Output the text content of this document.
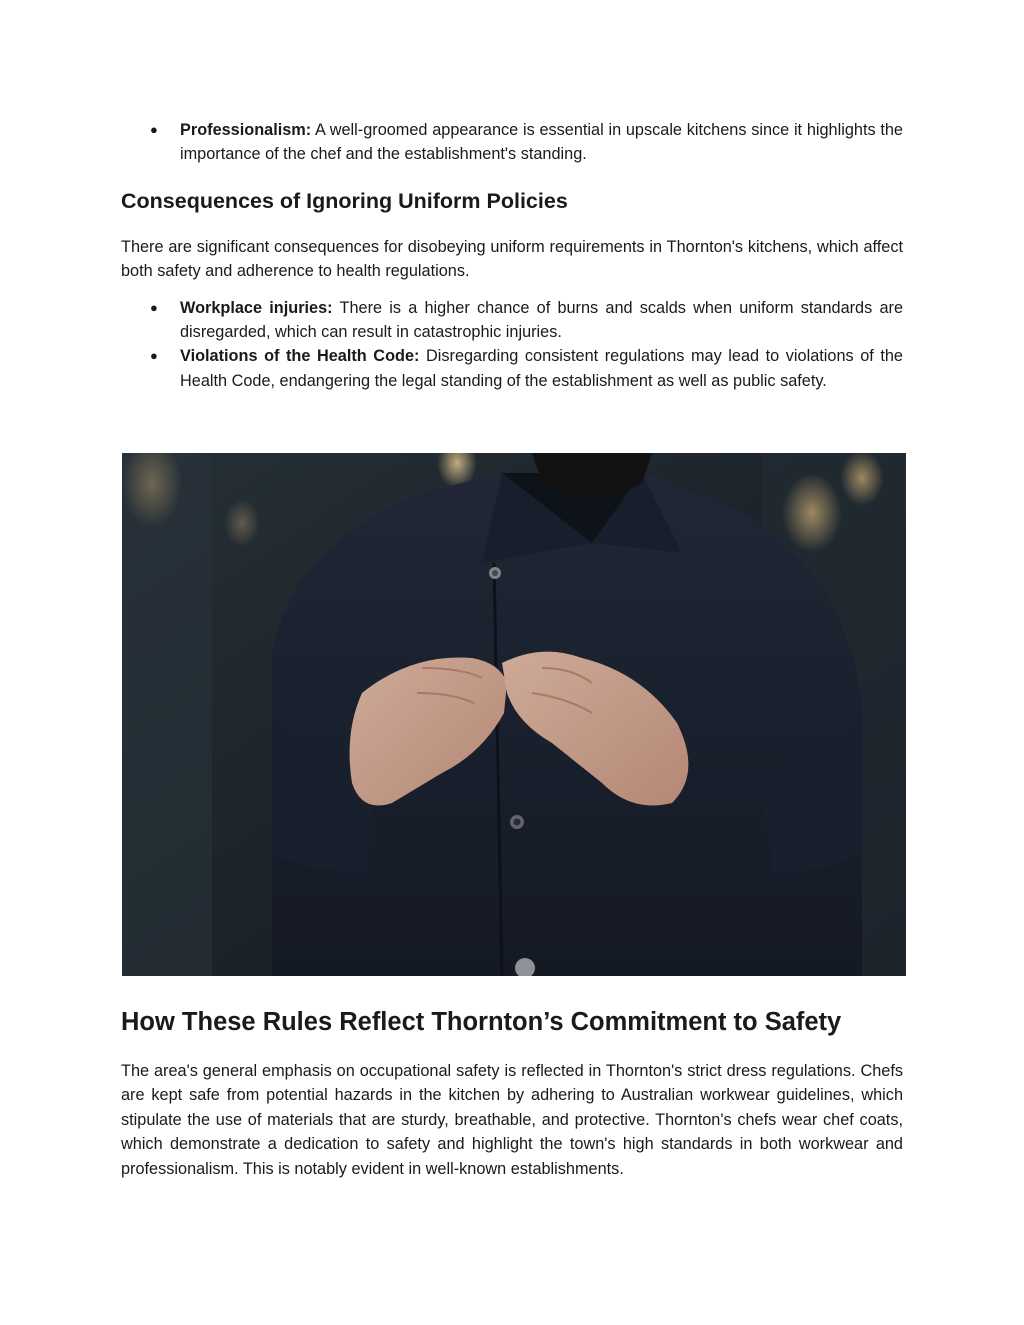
● Professionalism: A well-groomed appearance is essential in upscale kitchens since it highlights the importance of the chef and the establishment's standing.
Consequences of Ignoring Uniform Policies

There are significant consequences for disobeying uniform requirements in Thornton's kitchens, which affect both safety and adherence to health regulations.

● Workplace injuries: There is a higher chance of burns and scalds when uniform standards are disregarded, which can result in catastrophic injuries.
● Violations of the Health Code: Disregarding consistent regulations may lead to violations of the Health Code, endangering the legal standing of the establishment as well as public safety.
How These Rules Reflect Thornton’s Commitment to Safety

The area's general emphasis on occupational safety is reflected in Thornton's strict dress regulations. Chefs are kept safe from potential hazards in the kitchen by adhering to Australian workwear guidelines, which stipulate the use of materials that are sturdy, breathable, and protective. Thornton's chefs wear chef coats, which demonstrate a dedication to safety and highlight the town's high standards in both workwear and professionalism. This is notably evident in well-known establishments.
